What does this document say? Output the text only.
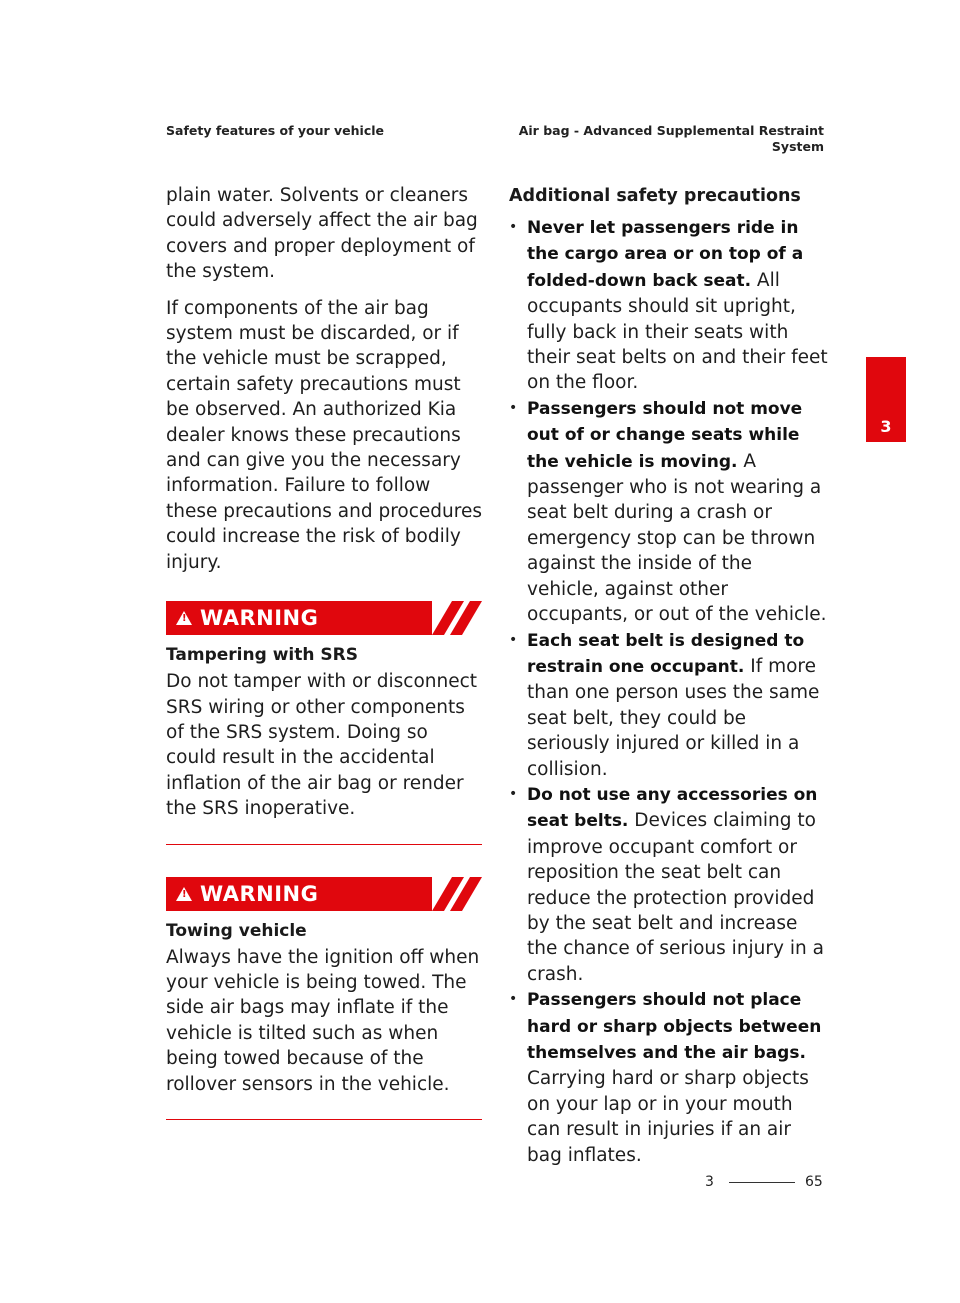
Safety features of your vehicle	Air bag - Advanced Supplemental Restraint
System

plain water. Solvents or cleaners could adversely affect the air bag covers and proper deployment of the system.

If components of the air bag system must be discarded, or if the vehicle must be scrapped, certain safety precautions must be observed. An authorized Kia dealer knows these precautions and can give you the necessary information. Failure to follow these precautions and procedures could increase the risk of bodily injury.

! WARNING
Tampering with SRS

Do not tamper with or disconnect SRS wiring or other components of the SRS system. Doing so could result in the accidental inflation of the air bag or render the SRS inoperative.

! WARNING
Towing vehicle

Always have the ignition off when your vehicle is being towed. The side air bags may inflate if the vehicle is tilted such as when being towed because of the rollover sensors in the vehicle.

Additional safety precautions
• Never let passengers ride in the cargo area or on top of a folded-down back seat. All occupants should sit upright, fully back in their seats with their seat belts on and their feet on the floor.
• Passengers should not move out of or change seats while the vehicle is moving. A passenger who is not wearing a seat belt during a crash or emergency stop can be thrown against the inside of the vehicle, against other occupants, or out of the vehicle.
• Each seat belt is designed to restrain one occupant. If more than one person uses the same seat belt, they could be seriously injured or killed in a collision.
• Do not use any accessories on seat belts. Devices claiming to improve occupant comfort or reposition the seat belt can reduce the protection provided by the seat belt and increase the chance of serious injury in a crash.
• Passengers should not place hard or sharp objects between themselves and the air bags. Carrying hard or sharp objects on your lap or in your mouth can result in injuries if an air bag inflates.
3
3	65
